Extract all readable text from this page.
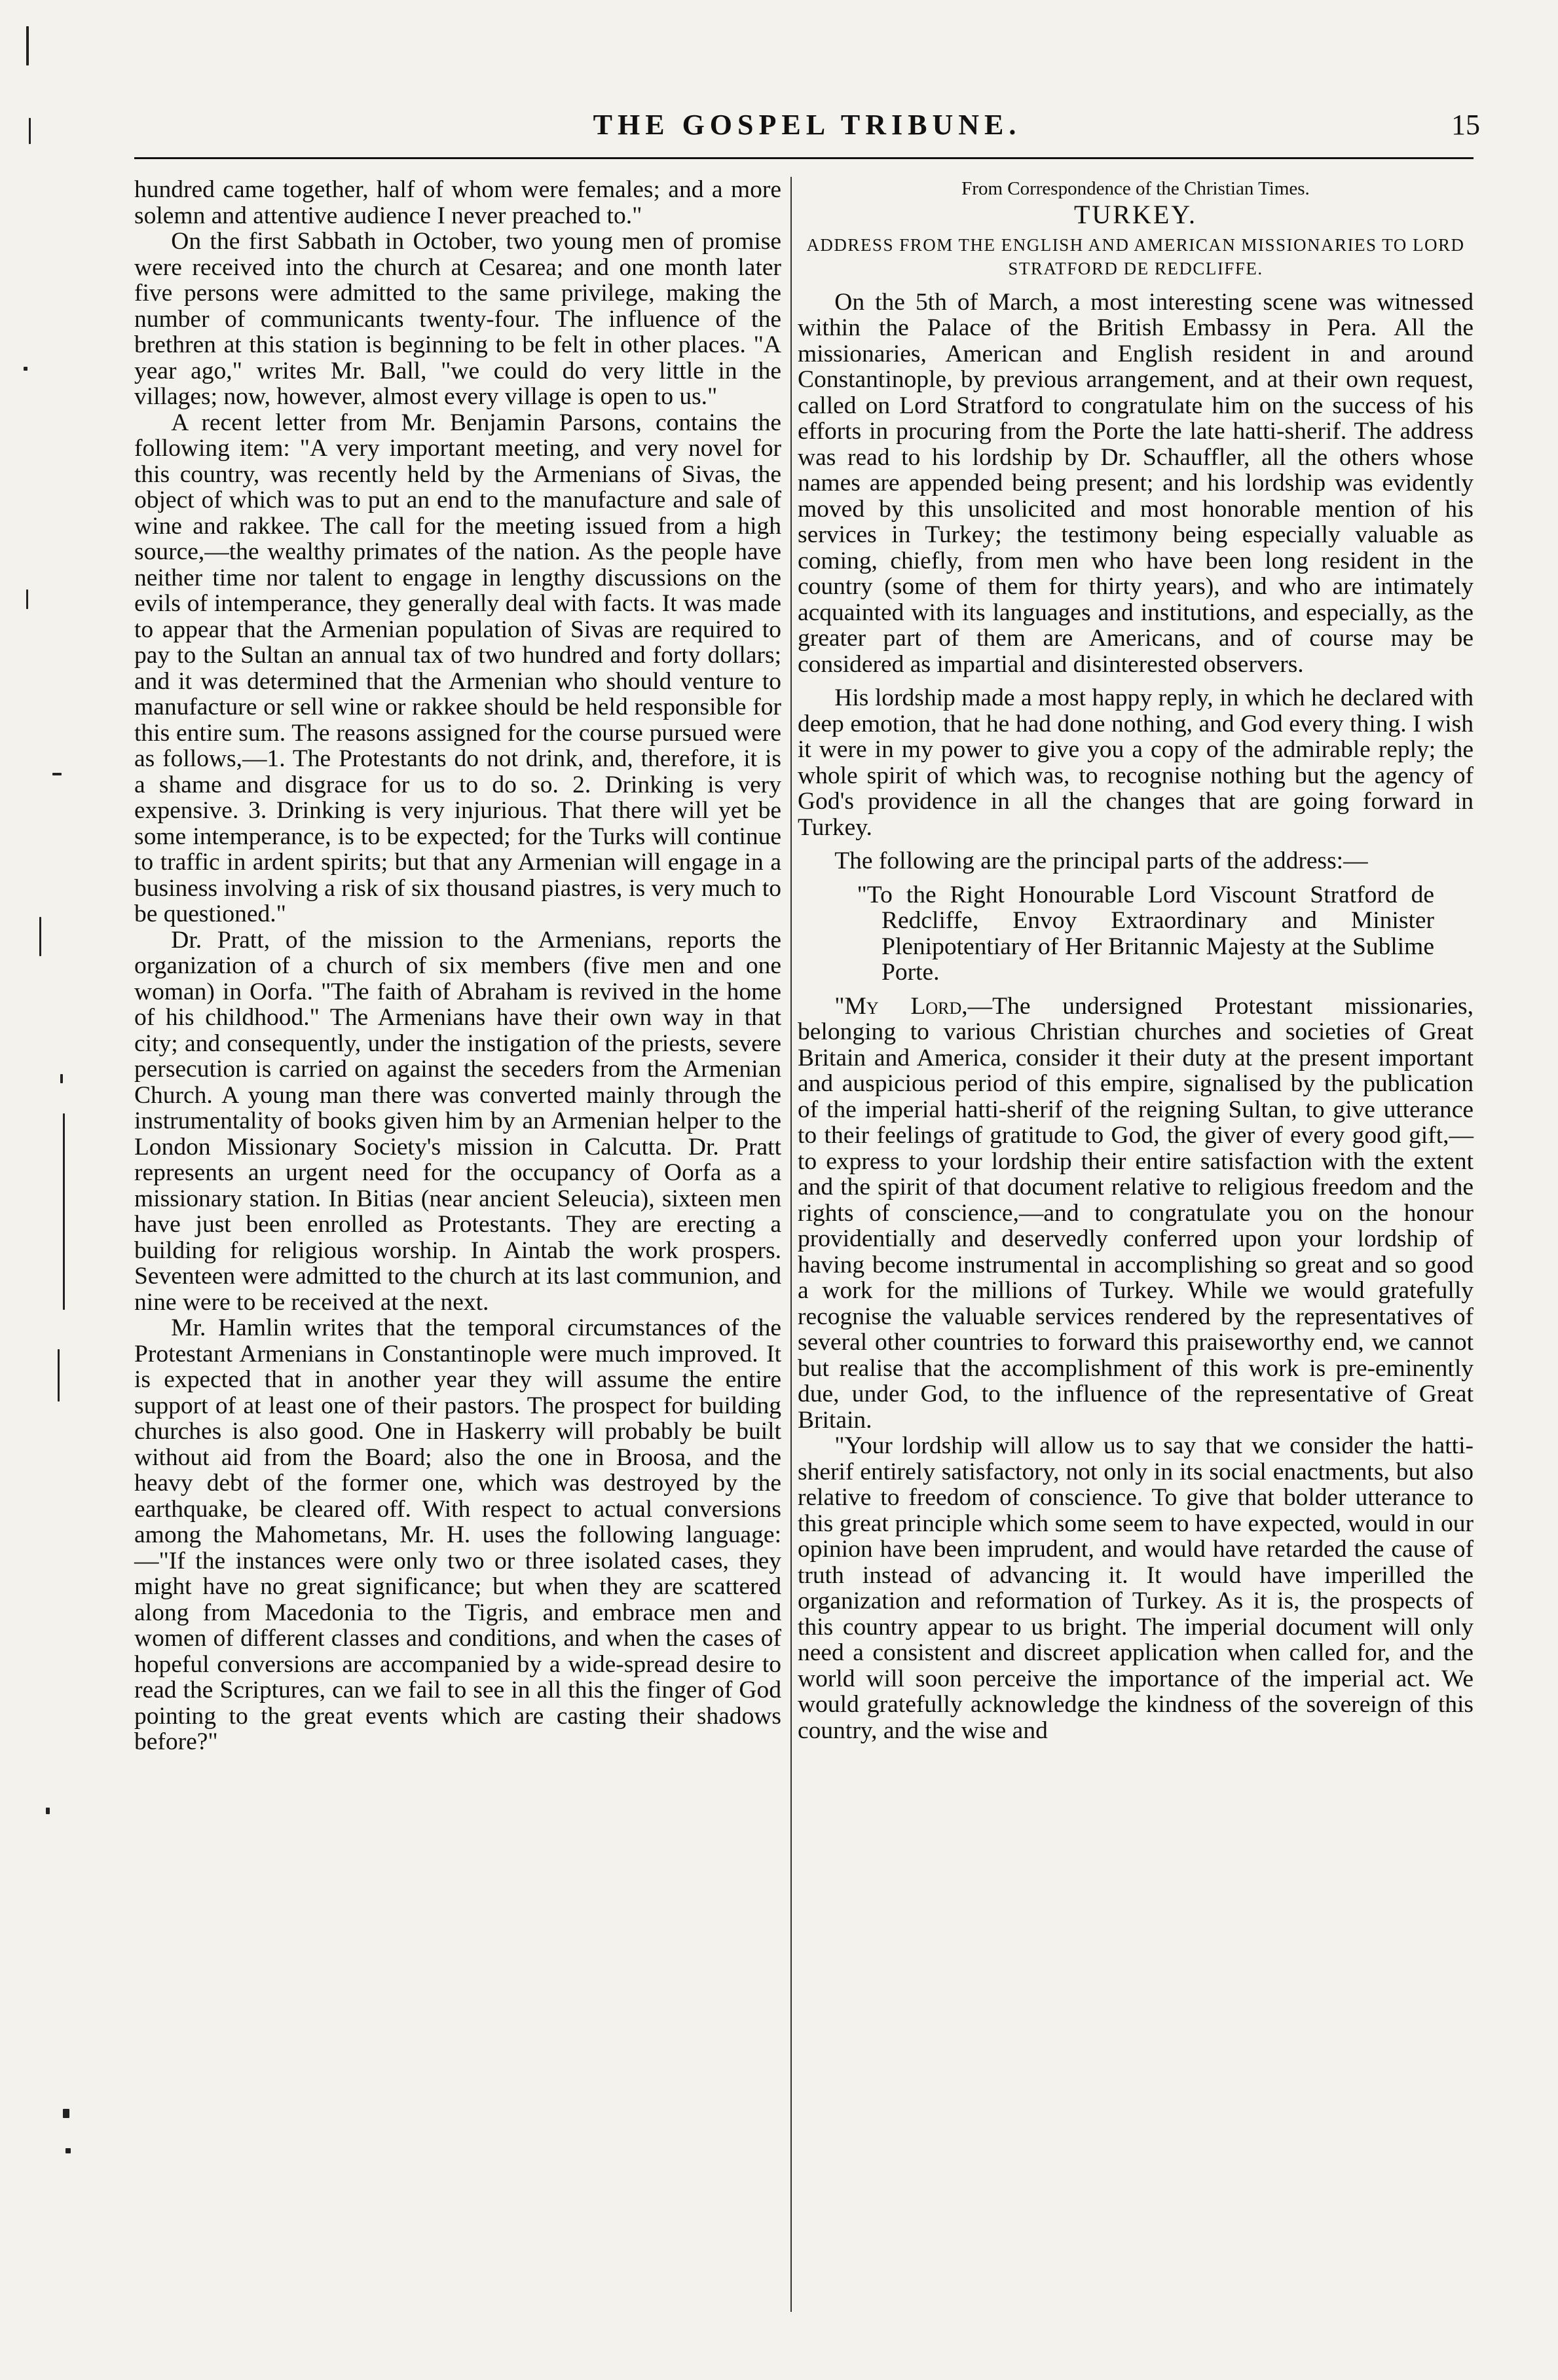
THE GOSPEL TRIBUNE.	15

hundred came together, half of whom were females; and a more solemn and attentive audience I never preached to."

On the first Sabbath in October, two young men of promise were received into the church at Cesarea; and one month later five persons were admitted to the same privilege, making the number of communicants twenty-four. The influence of the brethren at this station is beginning to be felt in other places. "A year ago," writes Mr. Ball, "we could do very little in the villages; now, however, almost every village is open to us."

A recent letter from Mr. Benjamin Parsons, contains the following item: "A very important meeting, and very novel for this country, was recently held by the Armenians of Sivas, the object of which was to put an end to the manufacture and sale of wine and rakkee. The call for the meeting issued from a high source,—the wealthy primates of the nation. As the people have neither time nor talent to engage in lengthy discussions on the evils of intemperance, they generally deal with facts. It was made to appear that the Armenian population of Sivas are required to pay to the Sultan an annual tax of two hundred and forty dollars; and it was determined that the Armenian who should venture to manufacture or sell wine or rakkee should be held responsible for this entire sum. The reasons assigned for the course pursued were as follows,—1. The Protestants do not drink, and, therefore, it is a shame and disgrace for us to do so. 2. Drinking is very expensive. 3. Drinking is very injurious. That there will yet be some intemperance, is to be expected; for the Turks will continue to traffic in ardent spirits; but that any Armenian will engage in a business involving a risk of six thousand piastres, is very much to be questioned."

Dr. Pratt, of the mission to the Armenians, reports the organization of a church of six members (five men and one woman) in Oorfa. "The faith of Abraham is revived in the home of his childhood." The Armenians have their own way in that city; and consequently, under the instigation of the priests, severe persecution is carried on against the seceders from the Armenian Church. A young man there was converted mainly through the instrumentality of books given him by an Armenian helper to the London Missionary Society's mission in Calcutta. Dr. Pratt represents an urgent need for the occupancy of Oorfa as a missionary station. In Bitias (near ancient Seleucia), sixteen men have just been enrolled as Protestants. They are erecting a building for religious worship. In Aintab the work prospers. Seventeen were admitted to the church at its last communion, and nine were to be received at the next.

Mr. Hamlin writes that the temporal circumstances of the Protestant Armenians in Constantinople were much improved. It is expected that in another year they will assume the entire support of at least one of their pastors. The prospect for building churches is also good. One in Haskerry will probably be built without aid from the Board; also the one in Broosa, and the heavy debt of the former one, which was destroyed by the earthquake, be cleared off. With respect to actual conversions among the Mahometans, Mr. H. uses the following language:—"If the instances were only two or three isolated cases, they might have no great significance; but when they are scattered along from Macedonia to the Tigris, and embrace men and women of different classes and conditions, and when the cases of hopeful conversions are accompanied by a wide-spread desire to read the Scriptures, can we fail to see in all this the finger of God pointing to the great events which are casting their shadows before?"

From Correspondence of the Christian Times.
TURKEY.
ADDRESS FROM THE ENGLISH AND AMERICAN MISSIONARIES TO LORD STRATFORD DE REDCLIFFE.

On the 5th of March, a most interesting scene was witnessed within the Palace of the British Embassy in Pera. All the missionaries, American and English resident in and around Constantinople, by previous arrangement, and at their own request, called on Lord Stratford to congratulate him on the success of his efforts in procuring from the Porte the late hatti-sherif. The address was read to his lordship by Dr. Schauffler, all the others whose names are appended being present; and his lordship was evidently moved by this unsolicited and most honorable mention of his services in Turkey; the testimony being especially valuable as coming, chiefly, from men who have been long resident in the country (some of them for thirty years), and who are intimately acquainted with its languages and institutions, and especially, as the greater part of them are Americans, and of course may be considered as impartial and disinterested observers.

His lordship made a most happy reply, in which he declared with deep emotion, that he had done nothing, and God every thing. I wish it were in my power to give you a copy of the admirable reply; the whole spirit of which was, to recognise nothing but the agency of God's providence in all the changes that are going forward in Turkey.

The following are the principal parts of the address:—

"To the Right Honourable Lord Viscount Stratford de Redcliffe, Envoy Extraordinary and Minister Plenipotentiary of Her Britannic Majesty at the Sublime Porte.

"My Lord,—The undersigned Protestant missionaries, belonging to various Christian churches and societies of Great Britain and America, consider it their duty at the present important and auspicious period of this empire, signalised by the publication of the imperial hatti-sherif of the reigning Sultan, to give utterance to their feelings of gratitude to God, the giver of every good gift,—to express to your lordship their entire satisfaction with the extent and the spirit of that document relative to religious freedom and the rights of conscience,—and to congratulate you on the honour providentially and deservedly conferred upon your lordship of having become instrumental in accomplishing so great and so good a work for the millions of Turkey. While we would gratefully recognise the valuable services rendered by the representatives of several other countries to forward this praiseworthy end, we cannot but realise that the accomplishment of this work is pre-eminently due, under God, to the influence of the representative of Great Britain.

"Your lordship will allow us to say that we consider the hatti-sherif entirely satisfactory, not only in its social enactments, but also relative to freedom of conscience. To give that bolder utterance to this great principle which some seem to have expected, would in our opinion have been imprudent, and would have retarded the cause of truth instead of advancing it. It would have imperilled the organization and reformation of Turkey. As it is, the prospects of this country appear to us bright. The imperial document will only need a consistent and discreet application when called for, and the world will soon perceive the importance of the imperial act. We would gratefully acknowledge the kindness of the sovereign of this country, and the wise and
